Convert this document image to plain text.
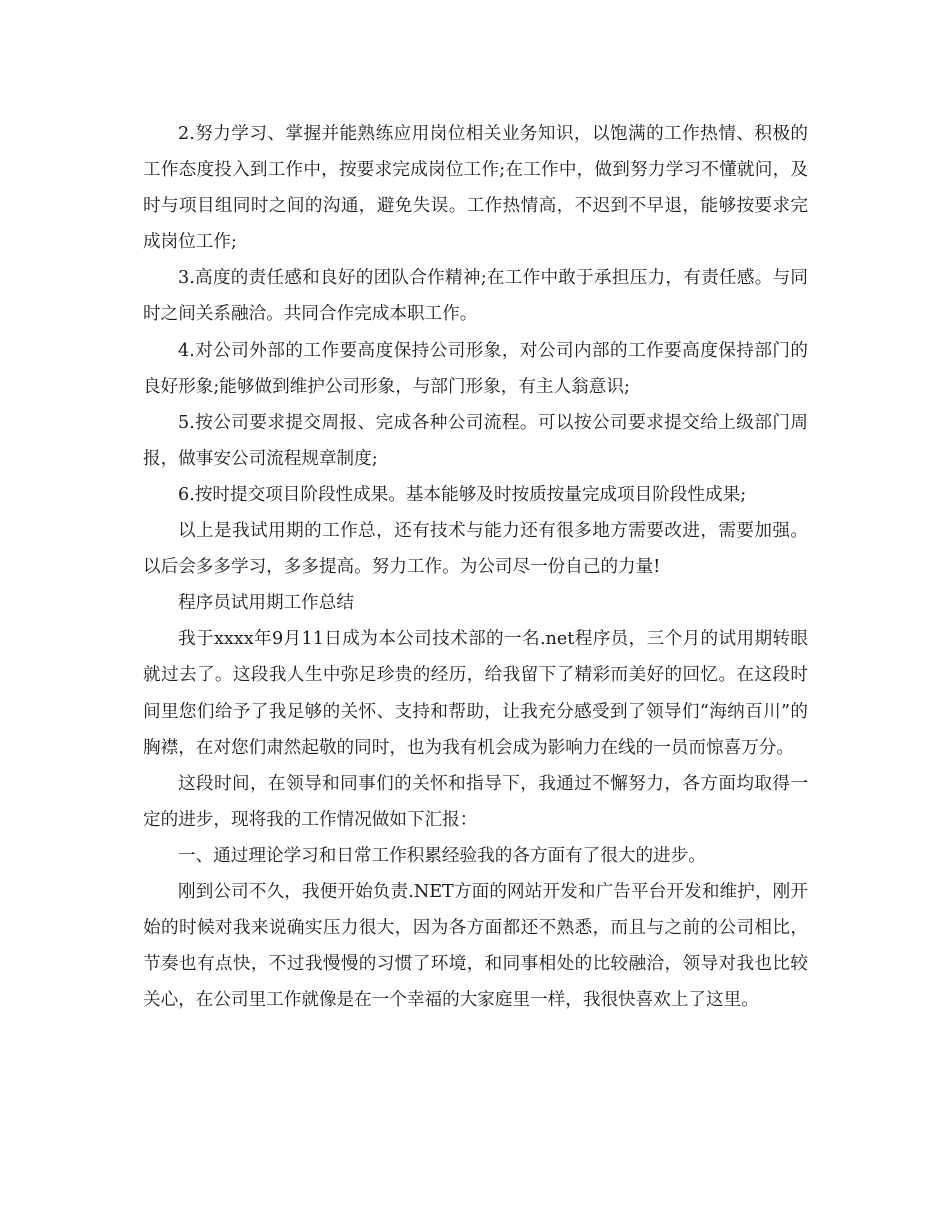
2.努力学习、掌握并能熟练应用岗位相关业务知识，以饱满的工作热情、积极的工作态度投入到工作中，按要求完成岗位工作;在工作中，做到努力学习不懂就问，及时与项目组同时之间的沟通，避免失误。工作热情高，不迟到不早退，能够按要求完成岗位工作;

3.高度的责任感和良好的团队合作精神;在工作中敢于承担压力，有责任感。与同时之间关系融洽。共同合作完成本职工作。

4.对公司外部的工作要高度保持公司形象，对公司内部的工作要高度保持部门的良好形象;能够做到维护公司形象，与部门形象，有主人翁意识;

5.按公司要求提交周报、完成各种公司流程。可以按公司要求提交给上级部门周报，做事安公司流程规章制度;

6.按时提交项目阶段性成果。基本能够及时按质按量完成项目阶段性成果;

以上是我试用期的工作总，还有技术与能力还有很多地方需要改进，需要加强。以后会多多学习，多多提高。努力工作。为公司尽一份自己的力量!

程序员试用期工作总结

我于xxxx年9月11日成为本公司技术部的一名.net程序员，三个月的试用期转眼就过去了。这段我人生中弥足珍贵的经历，给我留下了精彩而美好的回忆。在这段时间里您们给予了我足够的关怀、支持和帮助，让我充分感受到了领导们“海纳百川”的胸襟，在对您们肃然起敬的同时，也为我有机会成为影响力在线的一员而惊喜万分。

这段时间，在领导和同事们的关怀和指导下，我通过不懈努力，各方面均取得一定的进步，现将我的工作情况做如下汇报：

一、通过理论学习和日常工作积累经验我的各方面有了很大的进步。

刚到公司不久，我便开始负责.NET方面的网站开发和广告平台开发和维护，刚开始的时候对我来说确实压力很大，因为各方面都还不熟悉，而且与之前的公司相比，节奏也有点快，不过我慢慢的习惯了环境，和同事相处的比较融洽，领导对我也比较关心，在公司里工作就像是在一个幸福的大家庭里一样，我很快喜欢上了这里。
